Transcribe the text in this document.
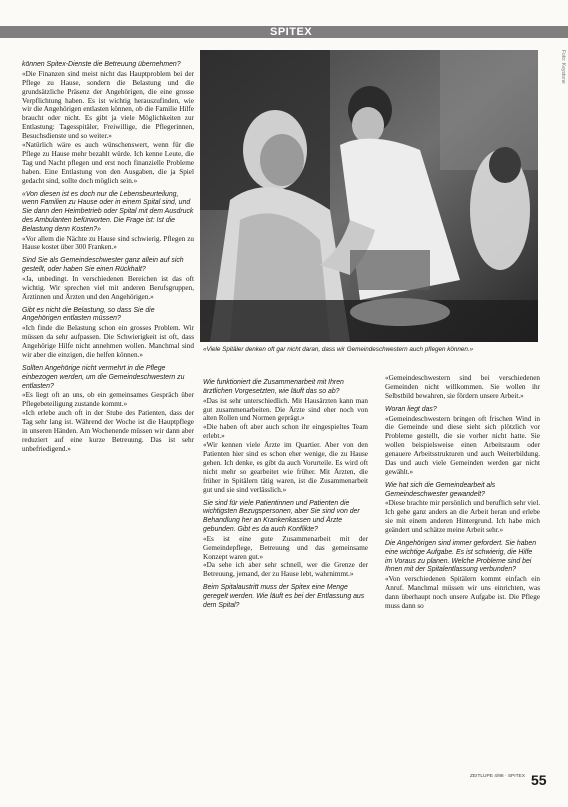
SPITEX
«Viele Spitäler denken oft gar nicht daran, dass wir Gemeindeschwestern auch pflegen können.»
Foto: Keystone

können Spitex-Dienste die Betreuung übernehmen?

«Die Finanzen sind meist nicht das Hauptproblem bei der Pflege zu Hause, sondern die Belastung und die grundsätzliche Präsenz der Angehörigen, die eine grosse Verpflichtung haben. Es ist wichtig herauszufinden, wie wir die Angehörigen entlasten können, ob die Familie Hilfe braucht oder nicht. Es gibt ja viele Möglichkeiten zur Entlastung: Tagesspitäler, Freiwillige, die Pflegerinnen, Besuchsdienste und so weiter.»

«Natürlich wäre es auch wünschenswert, wenn für die Pflege zu Hause mehr bezahlt würde. Ich kenne Leute, die Tag und Nacht pflegen und erst noch finanzielle Probleme haben. Eine Entlastung von den Ausgaben, die ja Spiel gedacht sind, sollte doch möglich sein.»

«Von diesen ist es doch nur die Lebensbeurteilung, wenn Familien zu Hause oder in einem Spital sind, und Sie dann den Heimbetrieb oder Spital mit dem Ausdruck des Ambulanten befürworten. Die Frage ist: Ist die Belastung denn Kosten?»

«Vor allem die Nächte zu Hause sind schwierig. Pflegen zu Hause kostet über 300 Franken.»

Sind Sie als Gemeindeschwester ganz allein auf sich gestellt, oder haben Sie einen Rückhalt?

«Ja, unbedingt. In verschiedenen Bereichen ist das oft wichtig. Wir sprechen viel mit anderen Berufsgruppen, Ärztinnen und Ärzten und den Angehörigen.»

Gibt es nicht die Belastung, so dass Sie die Angehörigen entlasten müssen?

«Ich finde die Belastung schon ein grosses Problem. Wir müssen da sehr aufpassen. Die Schwierigkeit ist oft, dass Angehörige Hilfe nicht annehmen wollen. Manchmal sind wir aber die einzigen, die helfen können.»

Sollten Angehörige nicht vermehrt in die Pflege einbezogen werden, um die Gemeindeschwestern zu entlasten?

«Es liegt oft an uns, ob ein gemeinsames Gespräch über Pflegebeteiligung zustande kommt.»

«Ich erlebe auch oft in der Stube des Patienten, dass der Tag sehr lang ist. Während der Woche ist die Hauptpflege in unseren Händen. Am Wochenende müssen wir dann aber reduziert auf eine kurze Betreuung. Das ist sehr unbefriedigend.»

Wie funktioniert die Zusammenarbeit mit Ihren ärztlichen Vorgesetzten, wie läuft das so ab?

«Das ist sehr unterschiedlich. Mit Hausärzten kann man gut zusammenarbeiten. Die Ärzte sind eher noch von alten Rollen und Normen geprägt.»

«Die haben oft aber auch schon ihr eingespieltes Team erlebt.»

«Wir kennen viele Ärzte im Quartier. Aber von den Patienten hier sind es schon eher wenige, die zu Hause gehen. Ich denke, es gibt da auch Vorurteile. Es wird oft nicht mehr so gearbeitet wie früher. Mit Ärzten, die früher in Spitälern tätig waren, ist die Zusammenarbeit gut und sie sind verlässlich.»

Sie sind für viele Patientinnen und Patienten die wichtigsten Bezugspersonen, aber Sie sind von der Behandlung her an Krankenkassen und Ärzte gebunden. Gibt es da auch Konflikte?

«Es ist eine gute Zusammenarbeit mit der Gemeindepflege, Betreuung und das gemeinsame Konzept waren gut.»

«Da sehe ich aber sehr schnell, wer die Grenze der Betreuung, jemand, der zu Hause lebt, wahrnimmt.»

Beim Spitalaustritt muss der Spitex eine Menge geregelt werden. Wie läuft es bei der Entlassung aus dem Spital?

«Gemeindeschwestern sind bei verschiedenen Gemeinden nicht willkommen. Sie wollen ihr Selbstbild bewahren, sie fördern unsere Arbeit.»

Woran liegt das?

«Gemeindeschwestern bringen oft frischen Wind in die Gemeinde und diese sieht sich plötzlich vor Probleme gestellt, die sie vorher nicht hatte. Sie wollen beispielsweise einen Arbeitsraum oder genauere Arbeitsstrukturen und auch Weiterbildung. Das und auch viele Gemeinden werden gar nicht gewählt.»

Wie hat sich die Gemeindearbeit als Gemeindeschwester gewandelt?

«Diese brachte mir persönlich und beruflich sehr viel. Ich gehe ganz anders an die Arbeit heran und erlebe sie mit einem anderen Hintergrund. Ich habe mich geändert und schätze meine Arbeit sehr.»

Die Angehörigen sind immer gefordert. Sie haben eine wichtige Aufgabe. Es ist schwierig, die Hilfe im Voraus zu planen. Welche Probleme sind bei Ihnen mit der Spitalentlassung verbunden?

«Von verschiedenen Spitälern kommt einfach ein Anruf. Manchmal müssen wir uns einrichten, was dann überhaupt noch unsere Aufgabe ist. Die Pflege muss dann so

ZEITLUPE 4/98 · SPITEX 55
